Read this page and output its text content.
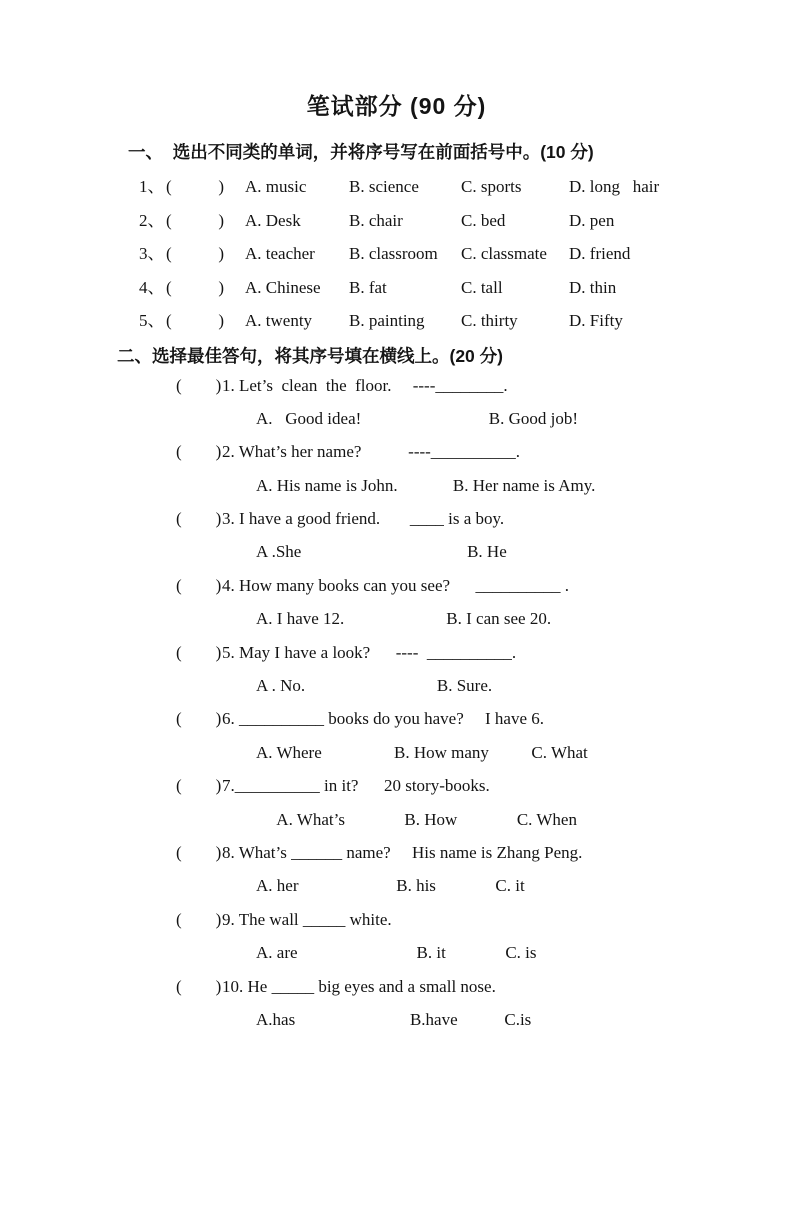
笔试部分 (90 分)
一、  选出不同类的单词，并将序号写在前面括号中。(10 分)
1、 (           )	A. music	B. science	C. sports	D. long   hair
2、 (           )	A. Desk	B. chair	C. bed	D. pen
3、 (           )	A. teacher	B. classroom	C. classmate	D. friend
4、 (           )	A. Chinese	B. fat	C. tall	D. thin
5、 (           )	A. twenty	B. painting	C. thirty	D. Fifty
二、选择最佳答句，将其序号填在横线上。(20 分)
(        ) 1. Let’s  clean  the  floor.     ----________.
A.   Good idea!                              B. Good job!
(        ) 2. What’s her name?           ----__________.
A. His name is John.             B. Her name is Amy.
(        ) 3. I have a good friend.       ____ is a boy.
A .She                                       B. He
(        ) 4. How many books can you see?      __________ .
A. I have 12.                        B. I can see 20.
(        ) 5. May I have a look?      ----  __________.
A . No.                               B. Sure.
(        ) 6. __________ books do you have?     I have 6.
A. Where                 B. How many          C. What
(        ) 7.__________ in it?      20 story-books.
A. What’s              B. How              C. When
(        ) 8. What’s ______ name?     His name is Zhang Peng.
A. her                       B. his              C. it
(        ) 9. The wall _____ white.
A. are                            B. it              C. is
(        ) 10. He _____ big eyes and a small nose.
A.has                           B.have           C.is
